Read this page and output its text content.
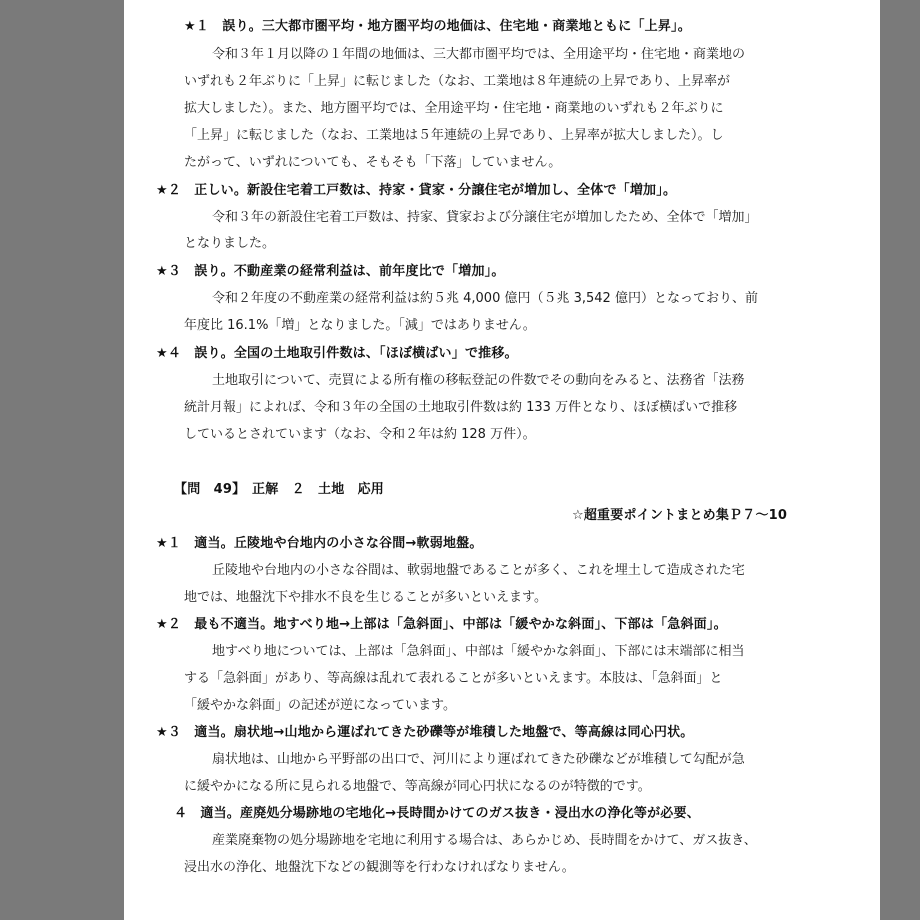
★１　誤り。三大都市圏平均・地方圏平均の地価は、住宅地・商業地ともに「上昇」。
令和３年１月以降の１年間の地価は、三大都市圏平均では、全用途平均・住宅地・商業地の
いずれも２年ぶりに「上昇」に転じました（なお、工業地は８年連続の上昇であり、上昇率が
拡大しました）。また、地方圏平均では、全用途平均・住宅地・商業地のいずれも２年ぶりに
「上昇」に転じました（なお、工業地は５年連続の上昇であり、上昇率が拡大しました）。し
たがって、いずれについても、そもそも「下落」していません。
★２　正しい。新設住宅着工戸数は、持家・貸家・分譲住宅が増加し、全体で「増加」。
令和３年の新設住宅着工戸数は、持家、貸家および分譲住宅が増加したため、全体で「増加」
となりました。
★３　誤り。不動産業の経常利益は、前年度比で「増加」。
令和２年度の不動産業の経常利益は約５兆 4,000 億円（５兆 3,542 億円）となっており、前
年度比 16.1%「増」となりました。「減」ではありません。
★４　誤り。全国の土地取引件数は、「ほぼ横ばい」で推移。
土地取引について、売買による所有権の移転登記の件数でその動向をみると、法務省「法務
統計月報」によれば、令和３年の全国の土地取引件数は約 133 万件となり、ほぼ横ばいで推移
しているとされています（なお、令和２年は約 128 万件）。
【問　49】　正解　２　土地　応用
☆超重要ポイントまとめ集Ｐ７～10
★１　適当。丘陵地や台地内の小さな谷間→軟弱地盤。
丘陵地や台地内の小さな谷間は、軟弱地盤であることが多く、これを埋土して造成された宅
地では、地盤沈下や排水不良を生じることが多いといえます。
★２　最も不適当。地すべり地→上部は「急斜面」、中部は「緩やかな斜面」、下部は「急斜面」。
地すべり地については、上部は「急斜面」、中部は「緩やかな斜面」、下部には末端部に相当
する「急斜面」があり、等高線は乱れて表れることが多いといえます。本肢は、「急斜面」と
「緩やかな斜面」の記述が逆になっています。
★３　適当。扇状地→山地から運ばれてきた砂礫等が堆積した地盤で、等高線は同心円状。
扇状地は、山地から平野部の出口で、河川により運ばれてきた砂礫などが堆積して勾配が急
に緩やかになる所に見られる地盤で、等高線が同心円状になるのが特徴的です。
４　適当。産廃処分場跡地の宅地化→長時間かけてのガス抜き・浸出水の浄化等が必要、
産業廃棄物の処分場跡地を宅地に利用する場合は、あらかじめ、長時間をかけて、ガス抜き、
浸出水の浄化、地盤沈下などの観測等を行わなければなりません。
